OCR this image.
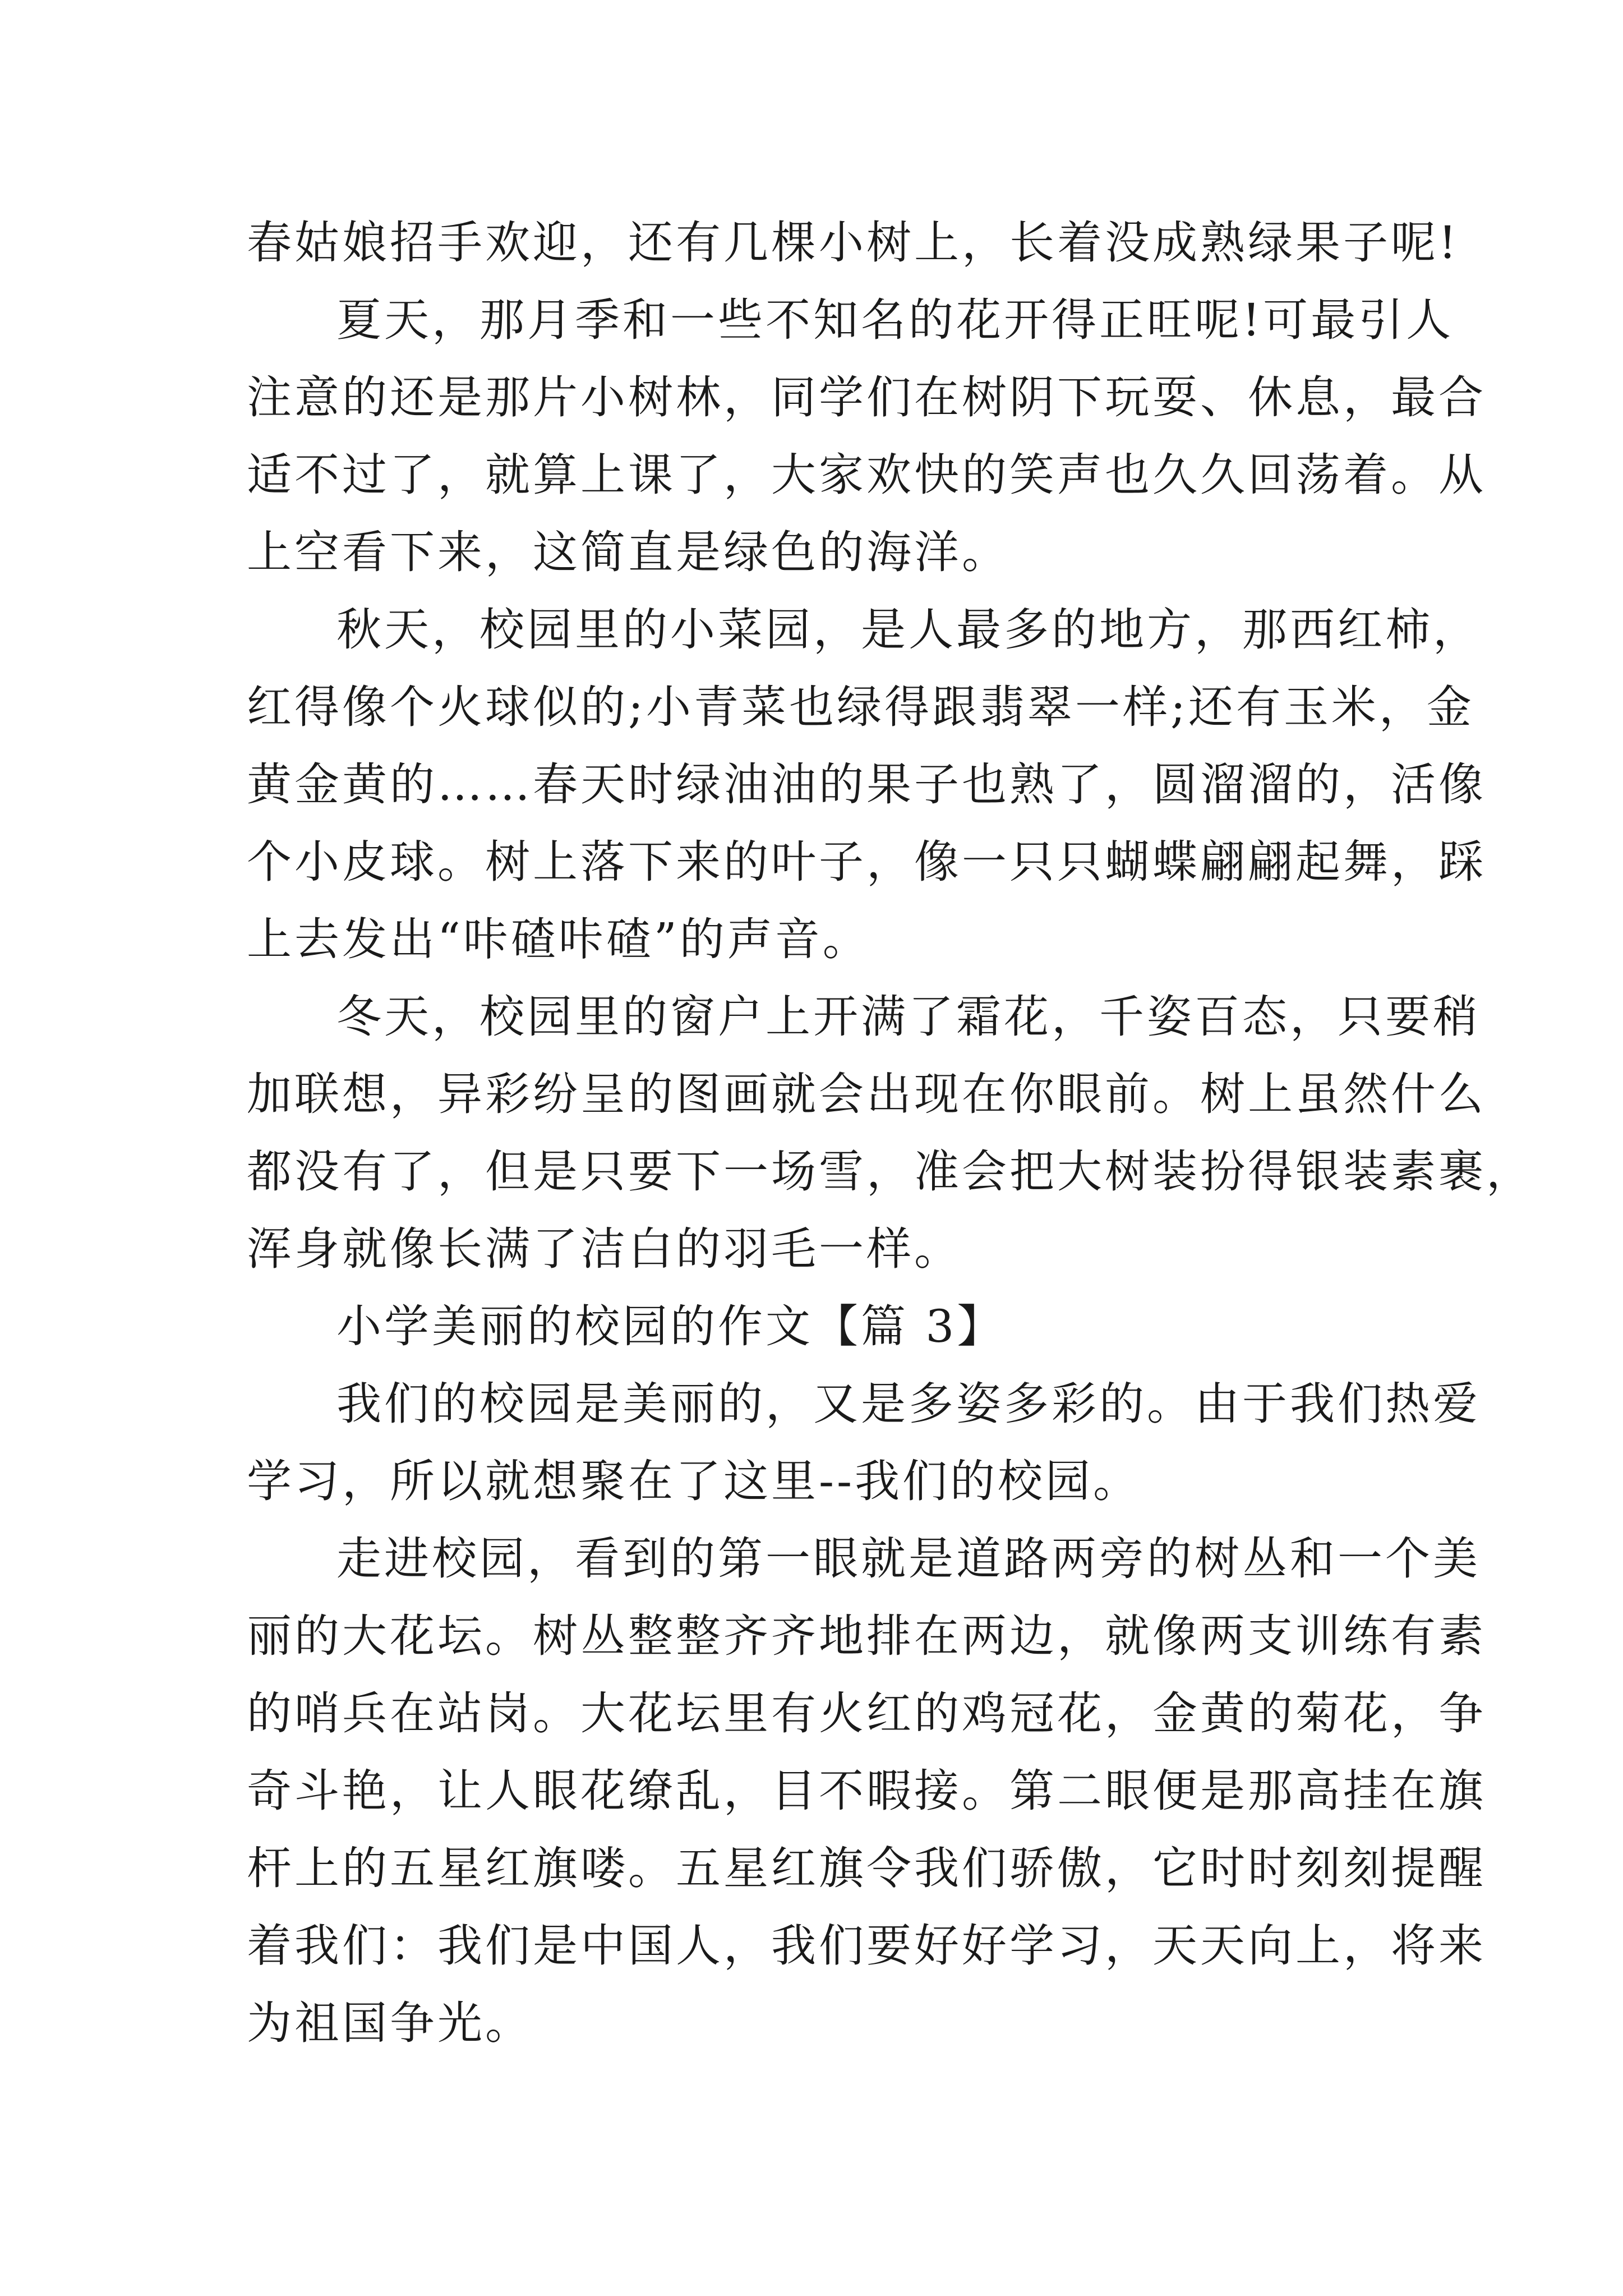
春姑娘招手欢迎，还有几棵小树上，长着没成熟绿果子呢!
夏天，那月季和一些不知名的花开得正旺呢!可最引人
注意的还是那片小树林，同学们在树阴下玩耍、休息，最合
适不过了，就算上课了，大家欢快的笑声也久久回荡着。从
上空看下来，这简直是绿色的海洋。
秋天，校园里的小菜园，是人最多的地方，那西红柿，
红得像个火球似的;小青菜也绿得跟翡翠一样;还有玉米，金
黄金黄的……春天时绿油油的果子也熟了，圆溜溜的，活像
个小皮球。树上落下来的叶子，像一只只蝴蝶翩翩起舞，踩
上去发出“咔碴咔碴”的声音。
冬天，校园里的窗户上开满了霜花，千姿百态，只要稍
加联想，异彩纷呈的图画就会出现在你眼前。树上虽然什么
都没有了，但是只要下一场雪，准会把大树装扮得银装素裹，
浑身就像长满了洁白的羽毛一样。
小学美丽的校园的作文【篇 3】
我们的校园是美丽的，又是多姿多彩的。由于我们热爱
学习，所以就想聚在了这里--我们的校园。
走进校园，看到的第一眼就是道路两旁的树丛和一个美
丽的大花坛。树丛整整齐齐地排在两边，就像两支训练有素
的哨兵在站岗。大花坛里有火红的鸡冠花，金黄的菊花，争
奇斗艳，让人眼花缭乱，目不暇接。第二眼便是那高挂在旗
杆上的五星红旗喽。五星红旗令我们骄傲，它时时刻刻提醒
着我们：我们是中国人，我们要好好学习，天天向上，将来
为祖国争光。
